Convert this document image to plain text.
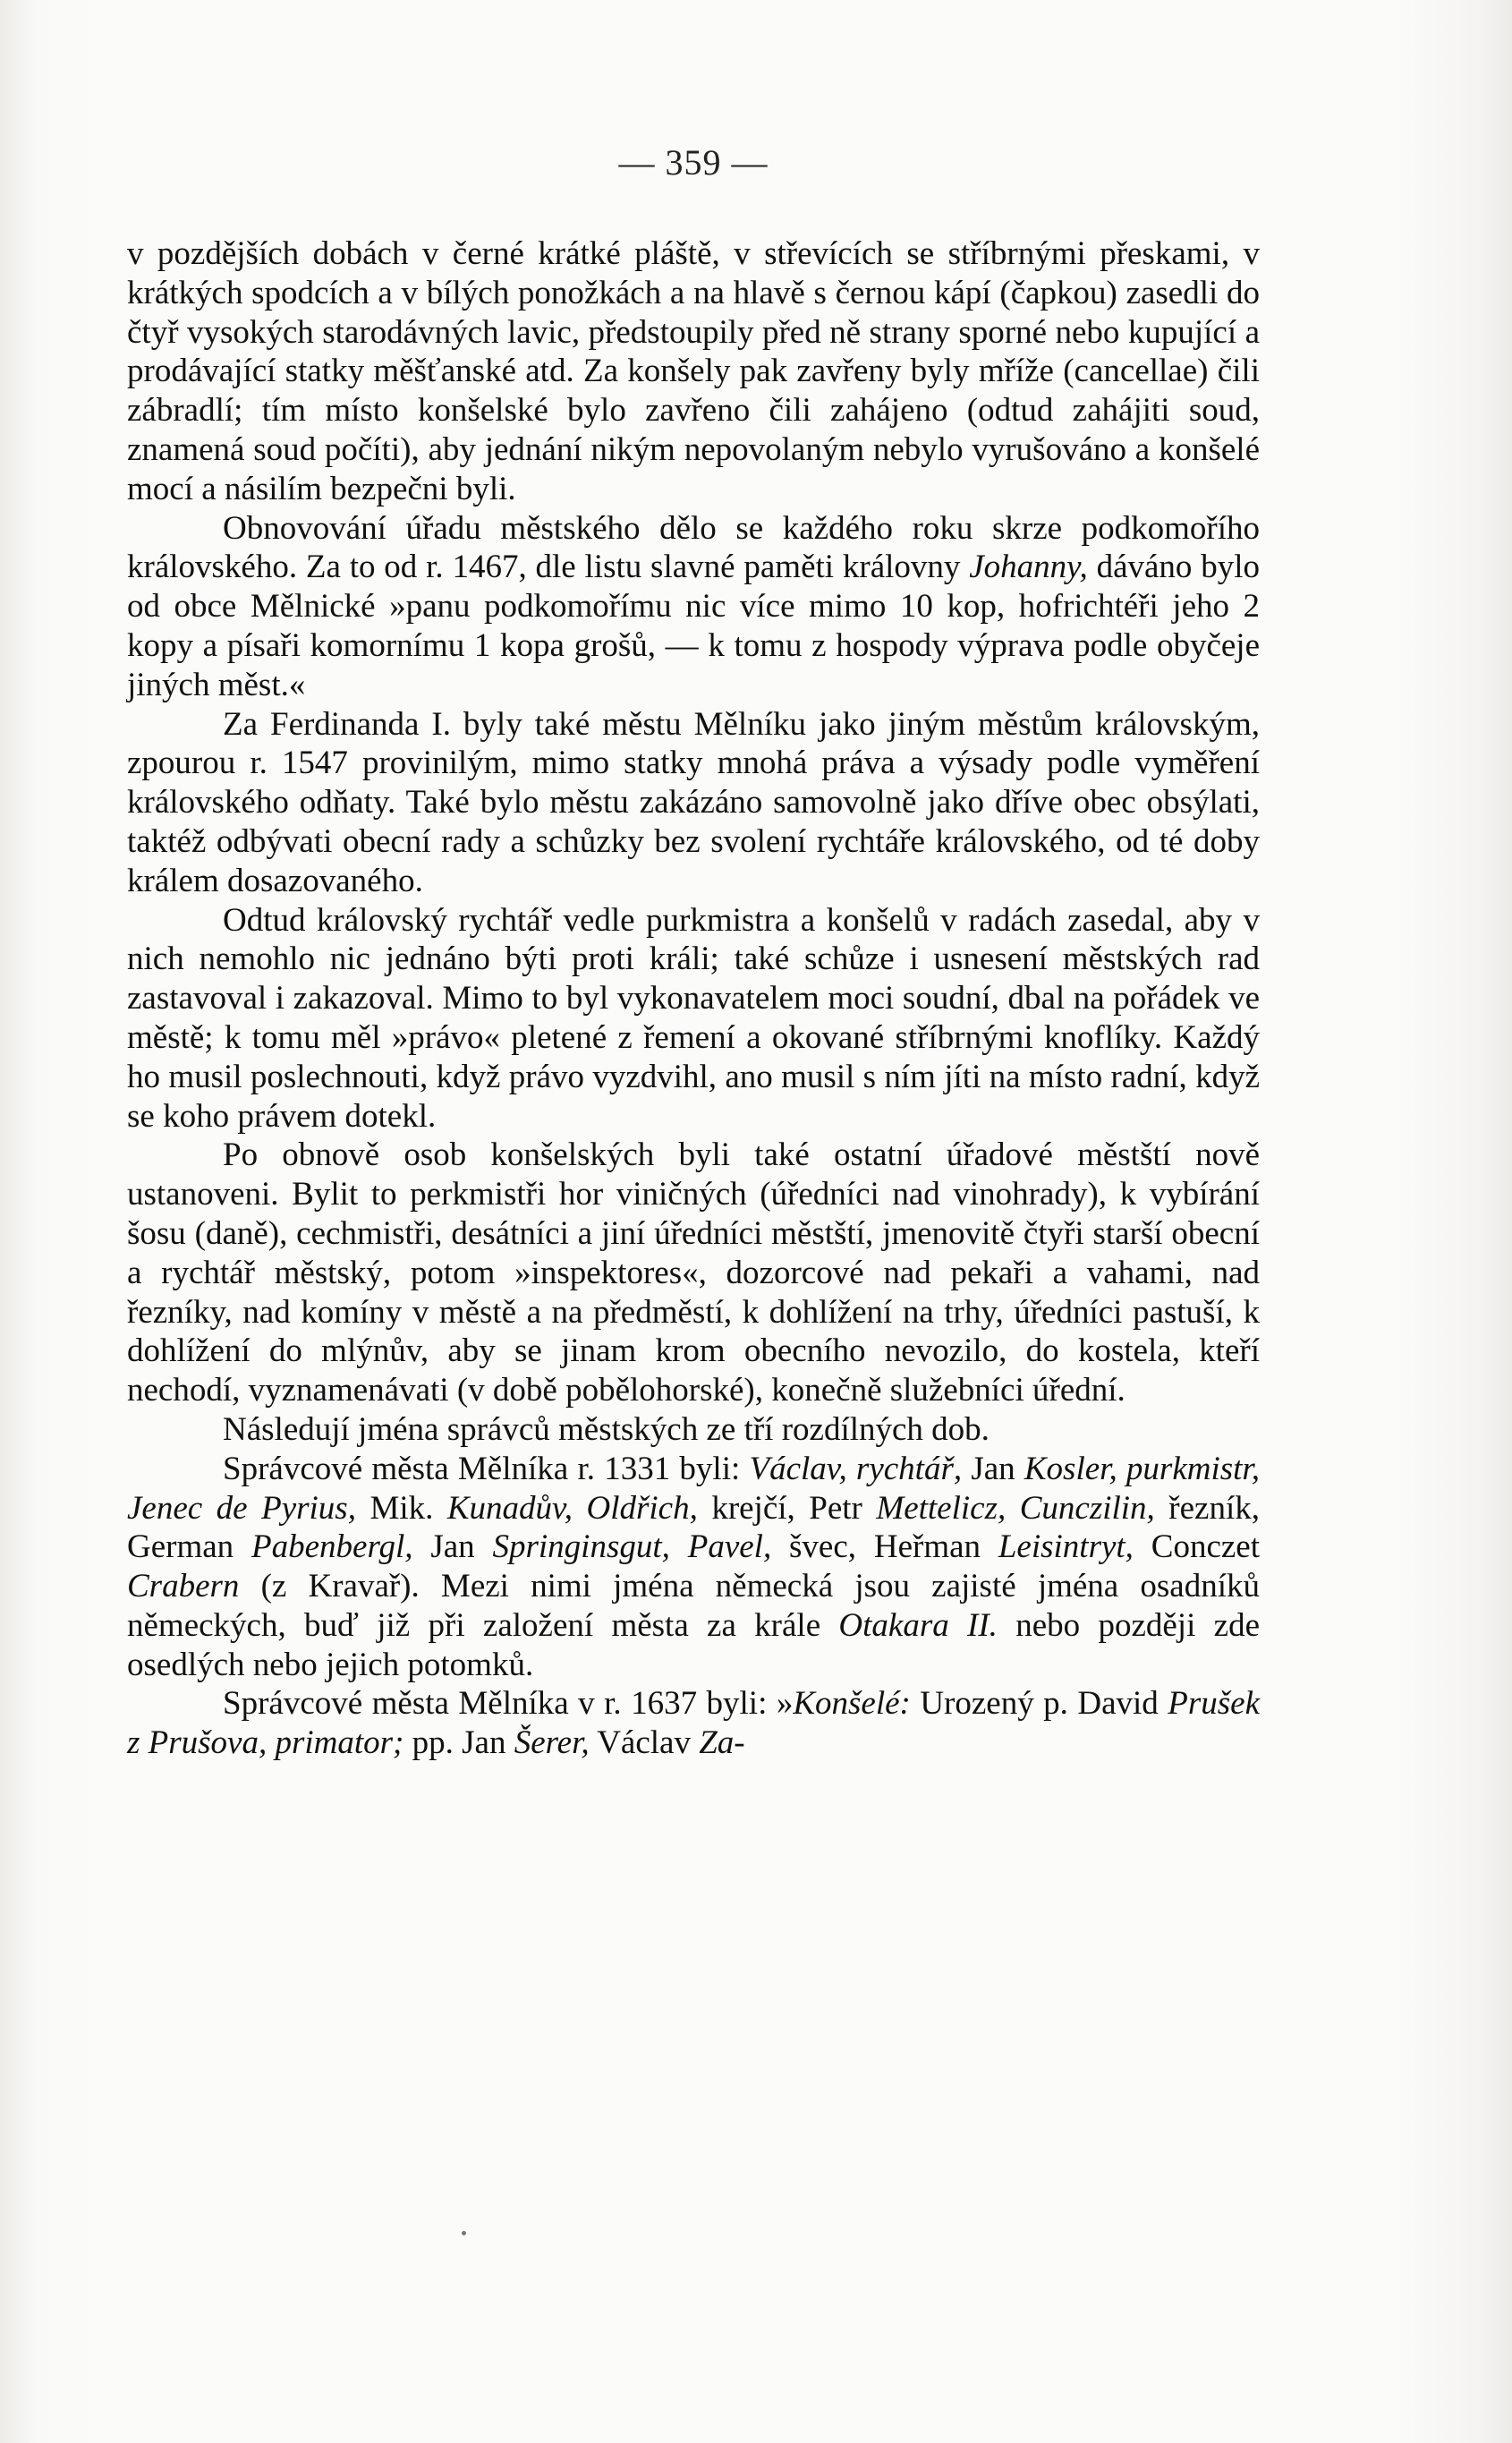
— 359 —

v pozdějších dobách v černé krátké pláště, v střevících se stříbrnými přeskami, v krátkých spodcích a v bílých ponožkách a na hlavě s černou kápí (čapkou) zasedli do čtyř vysokých starodávných lavic, předstoupily před ně strany sporné nebo kupující a prodávající statky měšťanské atd. Za konšely pak zavřeny byly mříže (cancellae) čili zábradlí; tím místo konšelské bylo zavřeno čili zahájeno (odtud zahájiti soud, znamená soud počíti), aby jednání nikým nepovolaným nebylo vyrušováno a konšelé mocí a násilím bezpečni byli.

Obnovování úřadu městského dělo se každého roku skrze podkomořího královského. Za to od r. 1467, dle listu slavné paměti královny Johanny, dáváno bylo od obce Mělnické »panu podkomořímu nic více mimo 10 kop, hofrichtéři jeho 2 kopy a písaři komornímu 1 kopa grošů, — k tomu z hospody výprava podle obyčeje jiných měst.«

Za Ferdinanda I. byly také městu Mělníku jako jiným městům královským, zpourou r. 1547 provinilým, mimo statky mnohá práva a výsady podle vyměření královského odňaty. Také bylo městu zakázáno samovolně jako dříve obec obsýlati, taktéž odbývati obecní rady a schůzky bez svolení rychtáře královského, od té doby králem dosazovaného.

Odtud královský rychtář vedle purkmistra a konšelů v radách zasedal, aby v nich nemohlo nic jednáno býti proti králi; také schůze i usnesení městských rad zastavoval i zakazoval. Mimo to byl vykonavatelem moci soudní, dbal na pořádek ve městě; k tomu měl »právo« pletené z řemení a okované stříbrnými knoflíky. Každý ho musil poslechnouti, když právo vyzdvihl, ano musil s ním jíti na místo radní, když se koho právem dotekl.

Po obnově osob konšelských byli také ostatní úřadové městští nově ustanoveni. Bylit to perkmistři hor viničných (úředníci nad vinohrady), k vybírání šosu (daně), cechmistři, desátníci a jiní úředníci městští, jmenovitě čtyři starší obecní a rychtář městský, potom »inspektores«, dozorcové nad pekaři a vahami, nad řezníky, nad komíny v městě a na předměstí, k dohlížení na trhy, úředníci pastuší, k dohlížení do mlýnův, aby se jinam krom obecního nevozilo, do kostela, kteří nechodí, vyznamenávati (v době pobělohorské), konečně služebníci úřední.

Následují jména správců městských ze tří rozdílných dob.

Správcové města Mělníka r. 1331 byli: Václav, rychtář, Jan Kosler, purkmistr, Jenec de Pyrius, Mik. Kunadův, Oldřich, krejčí, Petr Mettelicz, Cunczilin, řezník, German Pabenbergl, Jan Springinsgut, Pavel, švec, Heřman Leisintryt, Conczet Crabern (z Kravař). Mezi nimi jména německá jsou zajisté jména osadníků německých, buď již při založení města za krále Otakara II. nebo později zde osedlých nebo jejich potomků.

Správcové města Mělníka v r. 1637 byli: »Konšelé: Urozený p. David Prušek z Prušova, primator; pp. Jan Šerer, Václav Za-
